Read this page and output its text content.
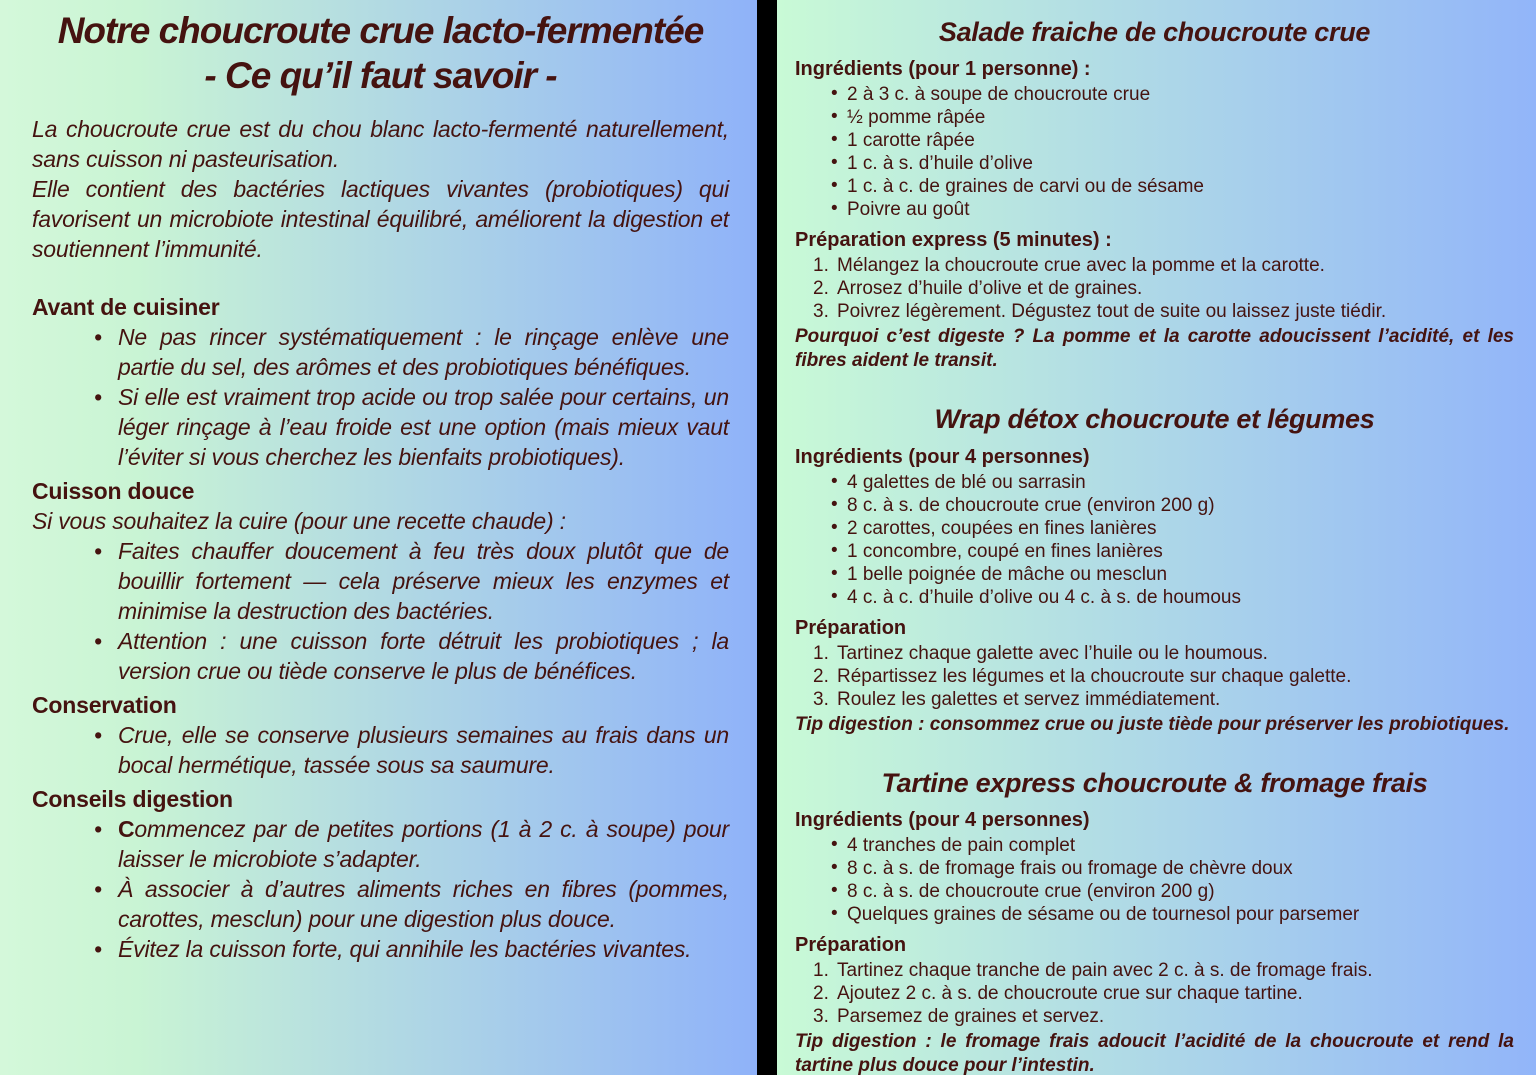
Notre choucroute crue lacto-fermentée
- Ce qu’il faut savoir -

La choucroute crue est du chou blanc lacto-fermenté naturellement, sans cuisson ni pasteurisation.

Elle contient des bactéries lactiques vivantes (probiotiques) qui favorisent un microbiote intestinal équilibré, améliorent la digestion et soutiennent l’immunité.

Avant de cuisiner
• Ne pas rincer systématiquement : le rinçage enlève une partie du sel, des arômes et des probiotiques bénéfiques.
• Si elle est vraiment trop acide ou trop salée pour certains, un léger rinçage à l’eau froide est une option (mais mieux vaut l’éviter si vous cherchez les bienfaits probiotiques).
Cuisson douce

Si vous souhaitez la cuire (pour une recette chaude) :

• Faites chauffer doucement à feu très doux plutôt que de bouillir fortement — cela préserve mieux les enzymes et minimise la destruction des bactéries.
• Attention : une cuisson forte détruit les probiotiques ; la version crue ou tiède conserve le plus de bénéfices.
Conservation
• Crue, elle se conserve plusieurs semaines au frais dans un bocal hermétique, tassée sous sa saumure.
Conseils digestion
• Commencez par de petites portions (1 à 2 c. à soupe) pour laisser le microbiote s’adapter.
• À associer à d’autres aliments riches en fibres (pommes, carottes, mesclun) pour une digestion plus douce.
• Évitez la cuisson forte, qui annihile les bactéries vivantes.
Salade fraiche de choucroute crue
Ingrédients (pour 1 personne) :
• 2 à 3 c. à soupe de choucroute crue
• ½ pomme râpée
• 1 carotte râpée
• 1 c. à s. d’huile d’olive
• 1 c. à c. de graines de carvi ou de sésame
• Poivre au goût
Préparation express (5 minutes) :
Mélangez la choucroute crue avec la pomme et la carotte.
Arrosez d’huile d’olive et de graines.
Poivrez légèrement. Dégustez tout de suite ou laissez juste tiédir.

Pourquoi c’est digeste ? La pomme et la carotte adoucissent l’acidité, et les fibres aident le transit.

Wrap détox choucroute et légumes
Ingrédients (pour 4 personnes)
• 4 galettes de blé ou sarrasin
• 8 c. à s. de choucroute crue (environ 200 g)
• 2 carottes, coupées en fines lanières
• 1 concombre, coupé en fines lanières
• 1 belle poignée de mâche ou mesclun
• 4 c. à c. d’huile d’olive ou 4 c. à s. de houmous
Préparation
Tartinez chaque galette avec l’huile ou le houmous.
Répartissez les légumes et la choucroute sur chaque galette.
Roulez les galettes et servez immédiatement.

Tip digestion : consommez crue ou juste tiède pour préserver les probiotiques.

Tartine express choucroute & fromage frais
Ingrédients (pour 4 personnes)
• 4 tranches de pain complet
• 8 c. à s. de fromage frais ou fromage de chèvre doux
• 8 c. à s. de choucroute crue (environ 200 g)
• Quelques graines de sésame ou de tournesol pour parsemer
Préparation
Tartinez chaque tranche de pain avec 2 c. à s. de fromage frais.
Ajoutez 2 c. à s. de choucroute crue sur chaque tartine.
Parsemez de graines et servez.

Tip digestion : le fromage frais adoucit l’acidité de la choucroute et rend la tartine plus douce pour l’intestin.
